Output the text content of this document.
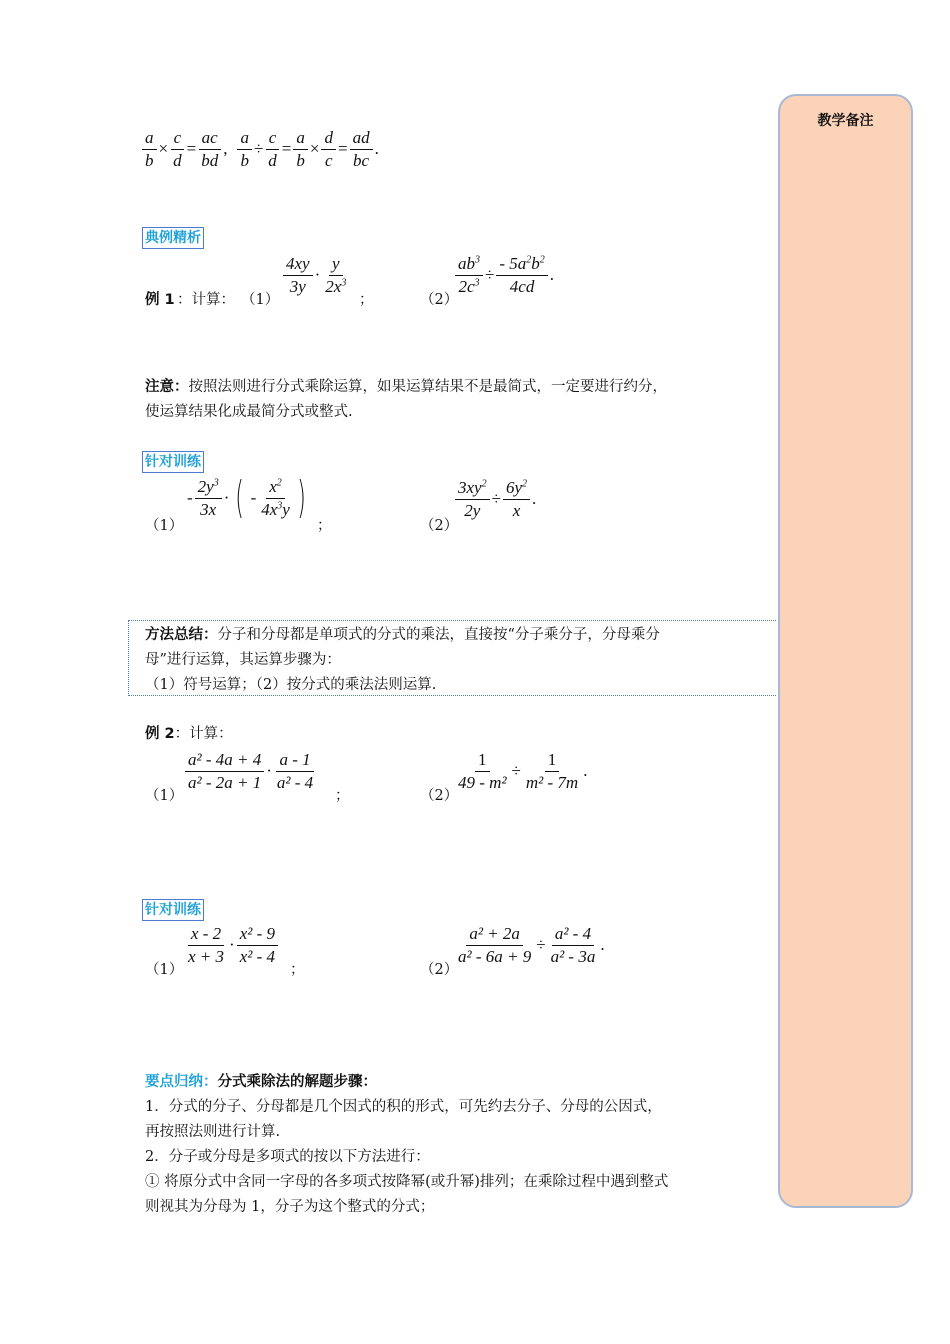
教学备注
$\frac{a}{b} \times \frac{c}{d} = \frac{ac}{bd}$ , $\frac{a}{b} \div \frac{c}{d} = \frac{a}{b} \times \frac{d}{c} = \frac{ad}{bc}$ .
典例精析
例 1 ：计算： （1）
$\frac{4xy}{3y} \cdot \frac{y}{2x^3}$
；	（2）
$\frac{ab^3}{2c^3} \div \frac{- 5a^2b^2}{4cd}$ .
注意：按照法则进行分式乘除运算，如果运算结果不是最简式，一定要进行约分，
使运算结果化成最简分式或整式.
针对训练
（1）
- $\frac{2y^3}{3x}$ · ( - $\frac{x^2}{4x^3y}$ )
；	（2）
$\frac{3xy^2}{2y} \div \frac{6y^2}{x}$ .
方法总结：分子和分母都是单项式的分式的乘法，直接按“分子乘分子，分母乘分
母”进行运算，其运算步骤为：
（1）符号运算；（2）按分式的乘法法则运算.
例 2：计算：
（1）
$\frac{\text{a² - 4a + 4}}{\text{a² - 2a + 1}} \cdot \frac{a - 1}{\text{a² - 4}}$
；	（2）
$\frac{1}{\text{49 - m²}} \div \frac{1}{\text{m² - 7m}}$ .
针对训练
（1）
$\frac{x - 2}{x + 3} \cdot \frac{\text{x² - 9}}{\text{x² - 4}}$
；	（2）
$\frac{\text{a² + 2a}}{\text{a² - 6a + 9}} \div \frac{\text{a² - 4}}{\text{a² - 3a}}$ .
要点归纳：分式乘除法的解题步骤：
1．分式的分子、分母都是几个因式的积的形式，可先约去分子、分母的公因式，
再按照法则进行计算.
2．分子或分母是多项式的按以下方法进行：
① 将原分式中含同一字母的各多项式按降幂(或升幂)排列；在乘除过程中遇到整式
则视其为分母为 1，分子为这个整式的分式；
